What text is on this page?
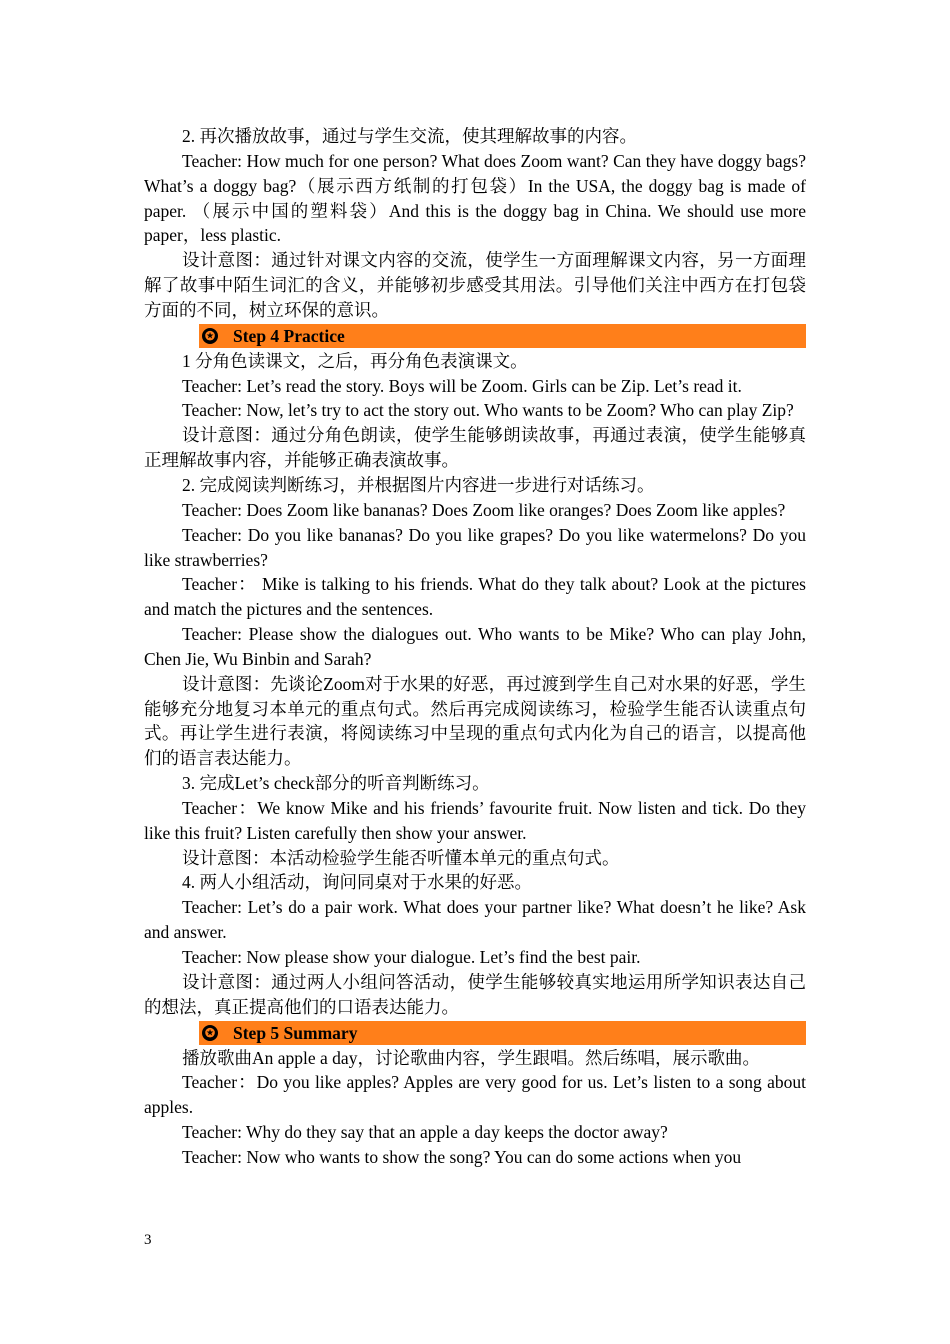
2. 再次播放故事，通过与学生交流，使其理解故事的内容。

Teacher: How much for one person? What does Zoom want? Can they have doggy bags? What’s a doggy bag?（展示西方纸制的打包袋）In the USA, the doggy bag is made of paper. （展示中国的塑料袋）And this is the doggy bag in China. We should use more paper，less plastic.

设计意图：通过针对课文内容的交流，使学生一方面理解课文内容，另一方面理解了故事中陌生词汇的含义，并能够初步感受其用法。引导他们关注中西方在打包袋方面的不同，树立环保的意识。

✪ Step 4 Practice

1 分角色读课文，之后，再分角色表演课文。

Teacher: Let’s read the story. Boys will be Zoom. Girls can be Zip. Let’s read it.

Teacher: Now, let’s try to act the story out. Who wants to be Zoom? Who can play Zip?

设计意图：通过分角色朗读，使学生能够朗读故事，再通过表演，使学生能够真正理解故事内容，并能够正确表演故事。

2. 完成阅读判断练习，并根据图片内容进一步进行对话练习。

Teacher: Does Zoom like bananas? Does Zoom like oranges? Does Zoom like apples?

Teacher: Do you like bananas? Do you like grapes? Do you like watermelons? Do you like strawberries?

Teacher： Mike is talking to his friends. What do they talk about? Look at the pictures and match the pictures and the sentences.

Teacher: Please show the dialogues out. Who wants to be Mike? Who can play John, Chen Jie, Wu Binbin and Sarah?

设计意图：先谈论Zoom对于水果的好恶，再过渡到学生自己对水果的好恶，学生能够充分地复习本单元的重点句式。然后再完成阅读练习，检验学生能否认读重点句式。再让学生进行表演，将阅读练习中呈现的重点句式内化为自己的语言，以提高他们的语言表达能力。

3. 完成Let’s check部分的听音判断练习。

Teacher：We know Mike and his friends’ favourite fruit. Now listen and tick. Do they like this fruit? Listen carefully then show your answer.

设计意图：本活动检验学生能否听懂本单元的重点句式。

4. 两人小组活动，询问同桌对于水果的好恶。

Teacher: Let’s do a pair work. What does your partner like? What doesn’t he like? Ask and answer.

Teacher: Now please show your dialogue. Let’s find the best pair.

设计意图：通过两人小组问答活动，使学生能够较真实地运用所学知识表达自己的想法，真正提高他们的口语表达能力。

✪ Step 5 Summary

播放歌曲An apple a day，讨论歌曲内容，学生跟唱。然后练唱，展示歌曲。

Teacher：Do you like apples? Apples are very good for us. Let’s listen to a song about apples.

Teacher: Why do they say that an apple a day keeps the doctor away?

Teacher: Now who wants to show the song? You can do some actions when you

3
